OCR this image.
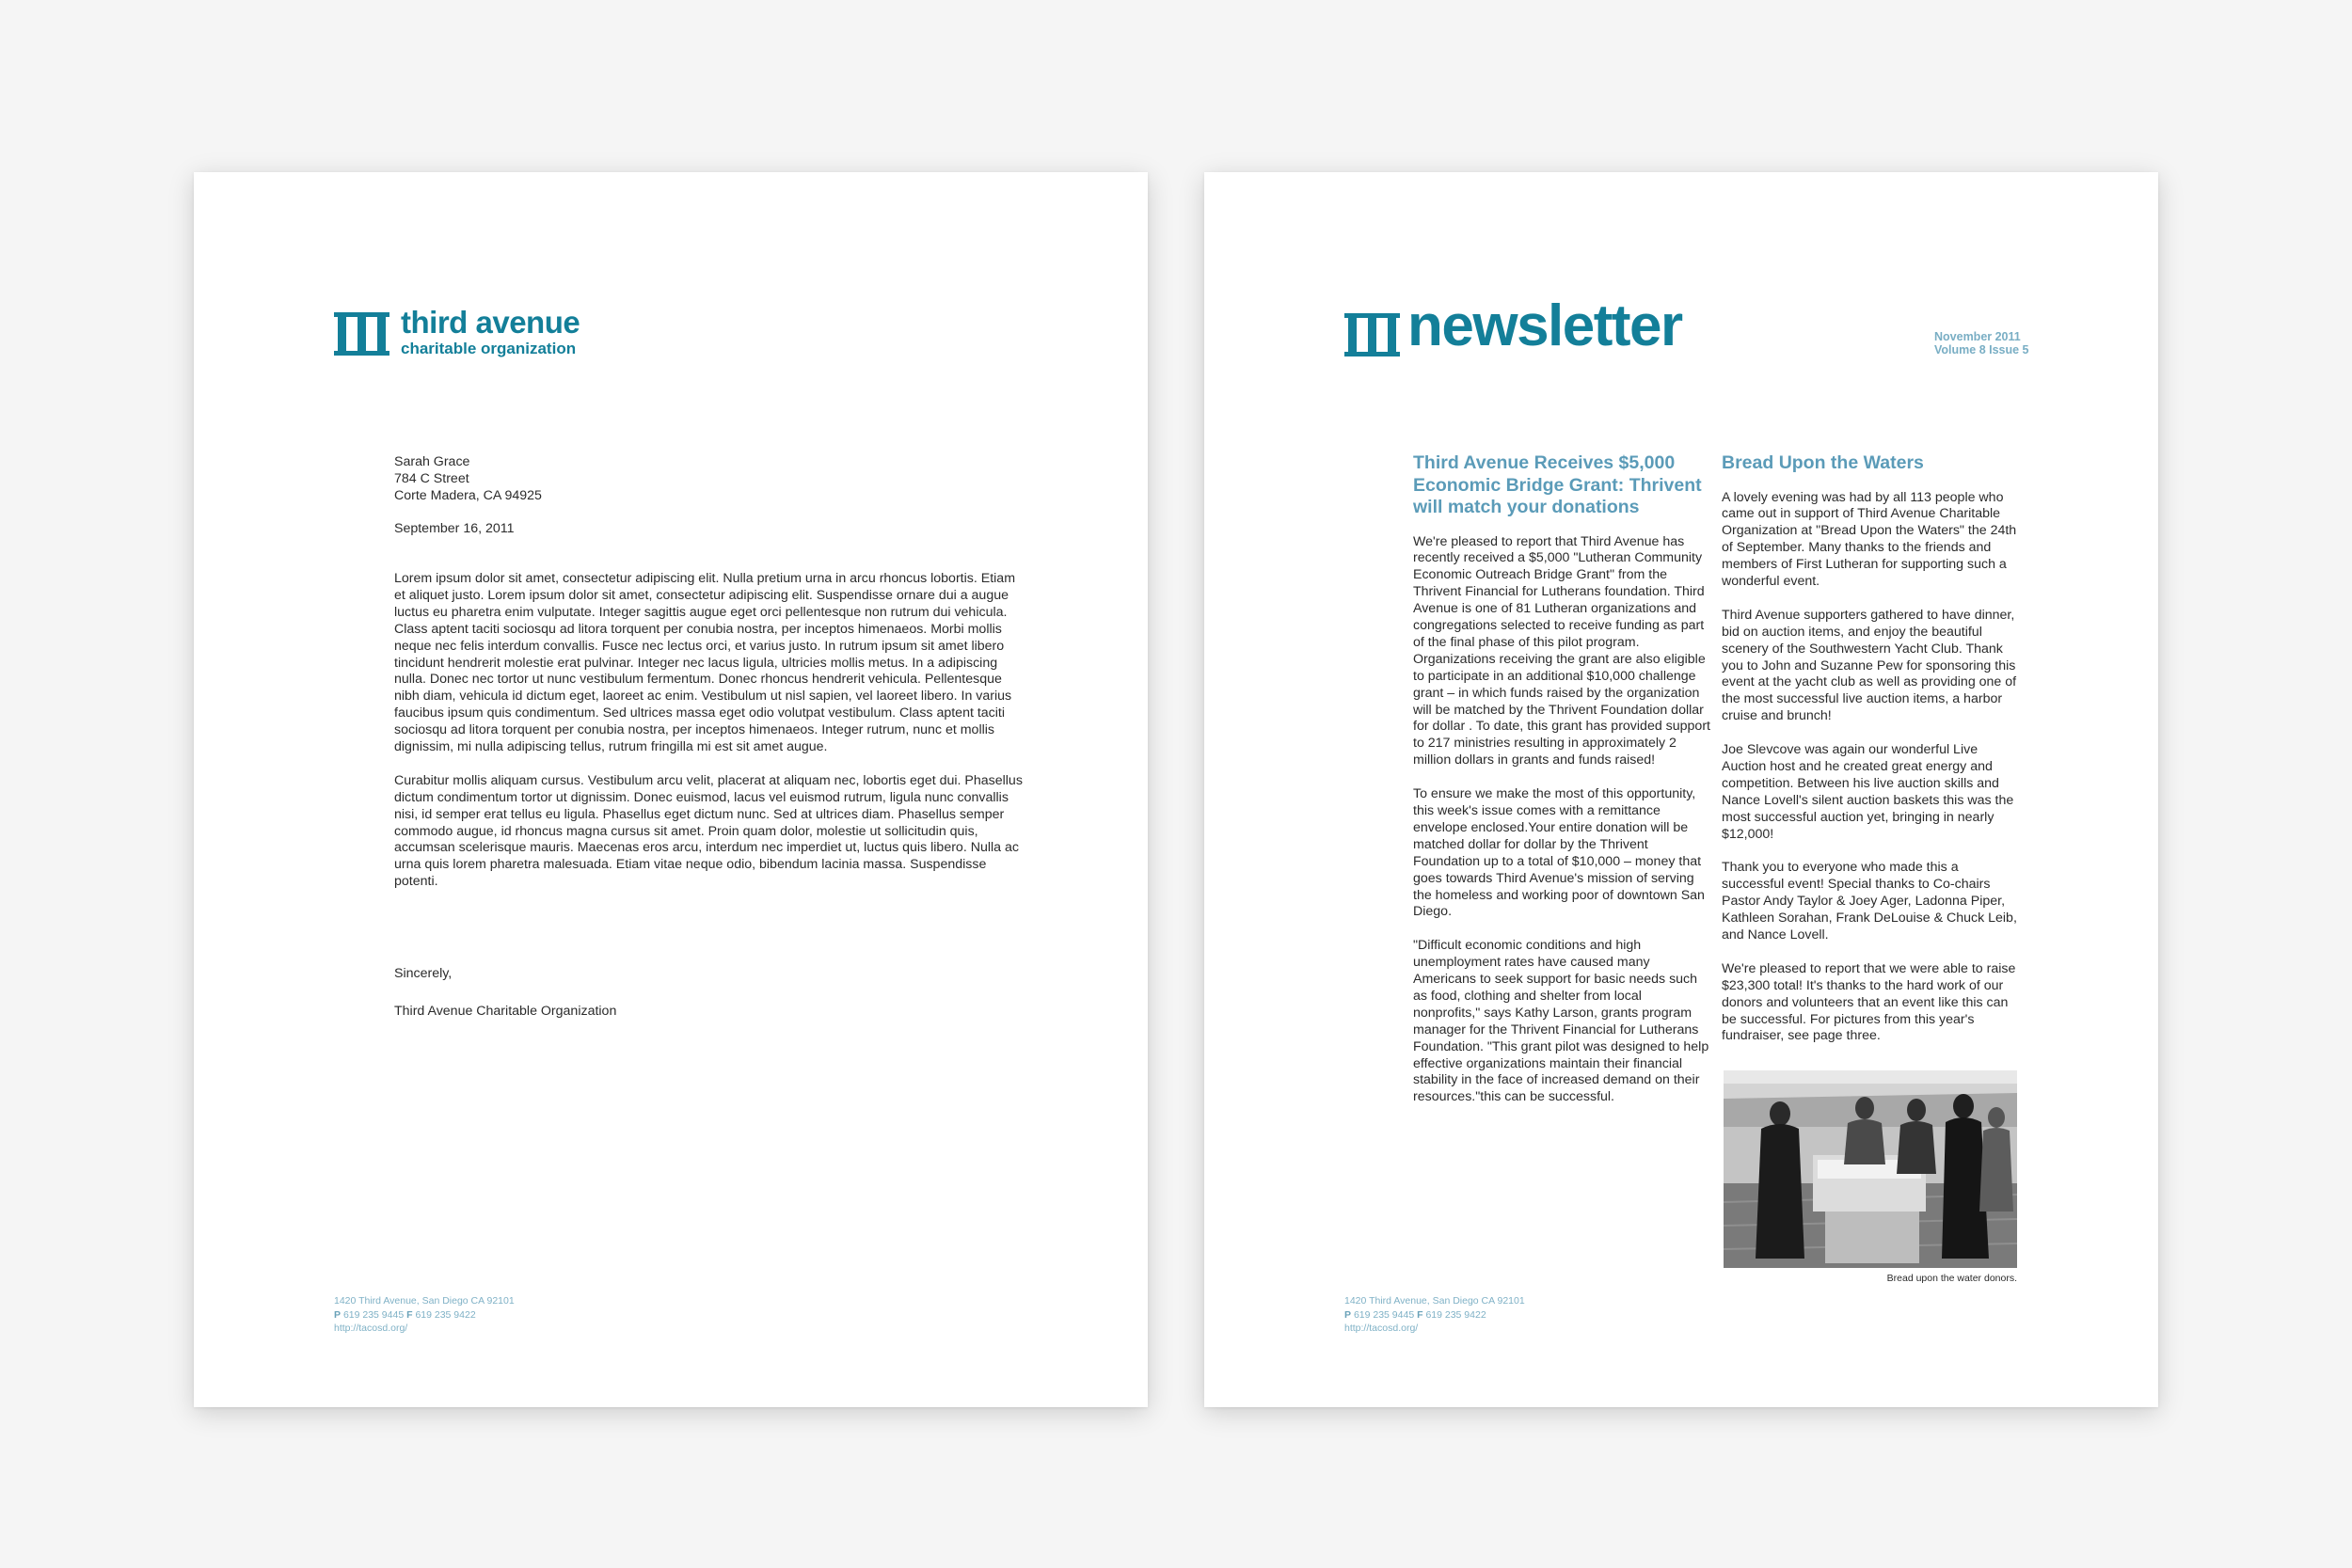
third avenue
charitable organization

Sarah Grace

784 C Street

Corte Madera, CA 94925

September 16, 2011

Lorem ipsum dolor sit amet, consectetur adipiscing elit. Nulla pretium urna in arcu rhoncus lobortis. Etiam et aliquet justo. Lorem ipsum dolor sit amet, consectetur adipiscing elit. Suspendisse ornare dui a augue luctus eu pharetra enim vulputate. Integer sagittis augue eget orci pellentesque non rutrum dui vehicula. Class aptent taciti sociosqu ad litora torquent per conubia nostra, per inceptos himenaeos. Morbi mollis neque nec felis interdum convallis. Fusce nec lectus orci, et varius justo. In rutrum ipsum sit amet libero tincidunt hendrerit molestie erat pulvinar. Integer nec lacus ligula, ultricies mollis metus. In a adipiscing nulla. Donec nec tortor ut nunc vestibulum fermentum. Donec rhoncus hendrerit vehicula. Pellentesque nibh diam, vehicula id dictum eget, laoreet ac enim. Vestibulum ut nisl sapien, vel laoreet libero. In varius faucibus ipsum quis condimentum. Sed ultrices massa eget odio volutpat vestibulum. Class aptent taciti sociosqu ad litora torquent per conubia nostra, per inceptos himenaeos. Integer rutrum, nunc et mollis dignissim, mi nulla adipiscing tellus, rutrum fringilla mi est sit amet augue.

Curabitur mollis aliquam cursus. Vestibulum arcu velit, placerat at aliquam nec, lobortis eget dui. Phasellus dictum condimentum tortor ut dignissim. Donec euismod, lacus vel euismod rutrum, ligula nunc convallis nisi, id semper erat tellus eu ligula. Phasellus eget dictum nunc. Sed at ultrices diam. Phasellus semper commodo augue, id rhoncus magna cursus sit amet. Proin quam dolor, molestie ut sollicitudin quis, accumsan scelerisque mauris. Maecenas eros arcu, interdum nec imperdiet ut, luctus quis libero. Nulla ac urna quis lorem pharetra malesuada. Etiam vitae neque odio, bibendum lacinia massa. Suspendisse potenti.

Sincerely,
Third Avenue Charitable Organization
1420 Third Avenue, San Diego CA 92101
P 619 235 9445 F 619 235 9422
http://tacosd.org/
newsletter	November 2011
Volume 8 Issue 5
Third Avenue Receives $5,000 Economic Bridge Grant: Thrivent will match your donations

We're pleased to report that Third Avenue has recently received a $5,000 "Lutheran Community Economic Outreach Bridge Grant" from the Thrivent Financial for Lutherans foundation. Third Avenue is one of 81 Lutheran organizations and congregations selected to receive funding as part of the final phase of this pilot program. Organizations receiving the grant are also eligible to participate in an additional $10,000 challenge grant – in which funds raised by the organization will be matched by the Thrivent Foundation dollar for dollar . To date, this grant has provided support to 217 ministries resulting in approximately 2 million dollars in grants and funds raised!

To ensure we make the most of this opportunity, this week's issue comes with a remittance envelope enclosed.Your entire donation will be matched dollar for dollar by the Thrivent Foundation up to a total of $10,000 – money that goes towards Third Avenue's mission of serving the homeless and working poor of downtown San Diego.

"Difficult economic conditions and high unemployment rates have caused many Americans to seek support for basic needs such as food, clothing and shelter from local nonprofits," says Kathy Larson, grants program manager for the Thrivent Financial for Lutherans Foundation. "This grant pilot was designed to help effective organizations maintain their financial stability in the face of increased demand on their resources."this can be successful.

Bread Upon the Waters

A lovely evening was had by all 113 people who came out in support of Third Avenue Charitable Organization at "Bread Upon the Waters" the 24th of September. Many thanks to the friends and members of First Lutheran for supporting such a wonderful event.

Third Avenue supporters gathered to have dinner, bid on auction items, and enjoy the beautiful scenery of the Southwestern Yacht Club. Thank you to John and Suzanne Pew for sponsoring this event at the yacht club as well as providing one of the most successful live auction items, a harbor cruise and brunch!

Joe Slevcove was again our wonderful Live Auction host and he created great energy and competition. Between his live auction skills and Nance Lovell's silent auction baskets this was the most successful auction yet, bringing in nearly $12,000!

Thank you to everyone who made this a successful event! Special thanks to Co-chairs Pastor Andy Taylor & Joey Ager, Ladonna Piper, Kathleen Sorahan, Frank DeLouise & Chuck Leib, and Nance Lovell.

We're pleased to report that we were able to raise $23,300 total! It's thanks to the hard work of our donors and volunteers that an event like this can be successful. For pictures from this year's fundraiser, see page three.

Bread upon the water donors.
1420 Third Avenue, San Diego CA 92101
P 619 235 9445 F 619 235 9422
http://tacosd.org/
